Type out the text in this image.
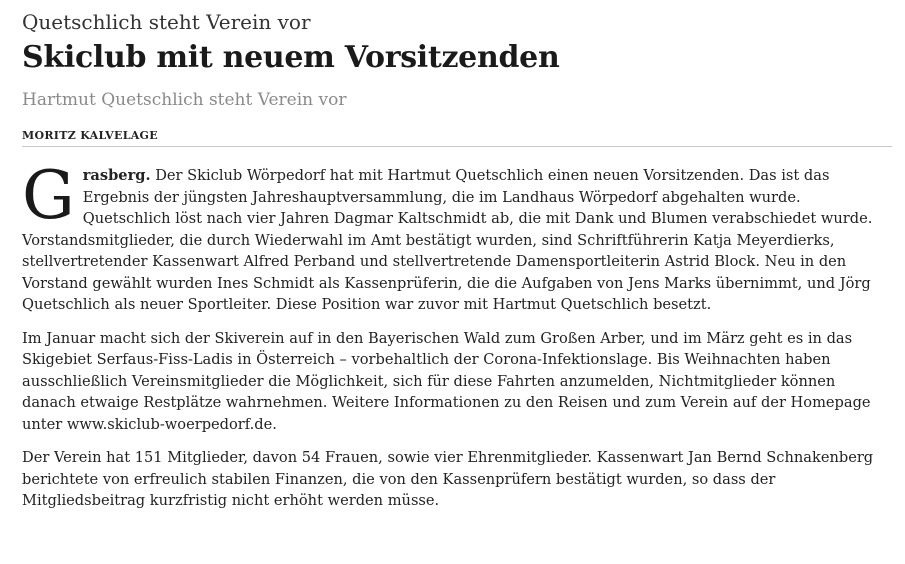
Quetschlich steht Verein vor
Skiclub mit neuem Vorsitzenden
Hartmut Quetschlich steht Verein vor
MORITZ KALVELAGE

Grasberg. Der Skiclub Wörpedorf hat mit Hartmut Quetschlich einen neuen Vorsitzenden. Das ist das Ergebnis der jüngsten Jahreshauptversammlung, die im Landhaus Wörpedorf abgehalten wurde. Quetschlich löst nach vier Jahren Dagmar Kaltschmidt ab, die mit Dank und Blumen verabschiedet wurde. Vorstandsmitglieder, die durch Wiederwahl im Amt bestätigt wurden, sind Schriftführerin Katja Meyerdierks, stellvertretender Kassenwart Alfred Perband und stellvertretende Damensportleiterin Astrid Block. Neu in den Vorstand gewählt wurden Ines Schmidt als Kassenprüferin, die die Aufgaben von Jens Marks übernimmt, und Jörg Quetschlich als neuer Sportleiter. Diese Position war zuvor mit Hartmut Quetschlich besetzt.

Im Januar macht sich der Skiverein auf in den Bayerischen Wald zum Großen Arber, und im März geht es in das Skigebiet Serfaus-Fiss-Ladis in Österreich – vorbehaltlich der Corona-Infektionslage. Bis Weihnachten haben ausschließlich Vereinsmitglieder die Möglichkeit, sich für diese Fahrten anzumelden, Nichtmitglieder können danach etwaige Restplätze wahrnehmen. Weitere Informationen zu den Reisen und zum Verein auf der Homepage unter www.skiclub-woerpedorf.de.

Der Verein hat 151 Mitglieder, davon 54 Frauen, sowie vier Ehrenmitglieder. Kassenwart Jan Bernd Schnakenberg berichtete von erfreulich stabilen Finanzen, die von den Kassenprüfern bestätigt wurden, so dass der Mitgliedsbeitrag kurzfristig nicht erhöht werden müsse.
